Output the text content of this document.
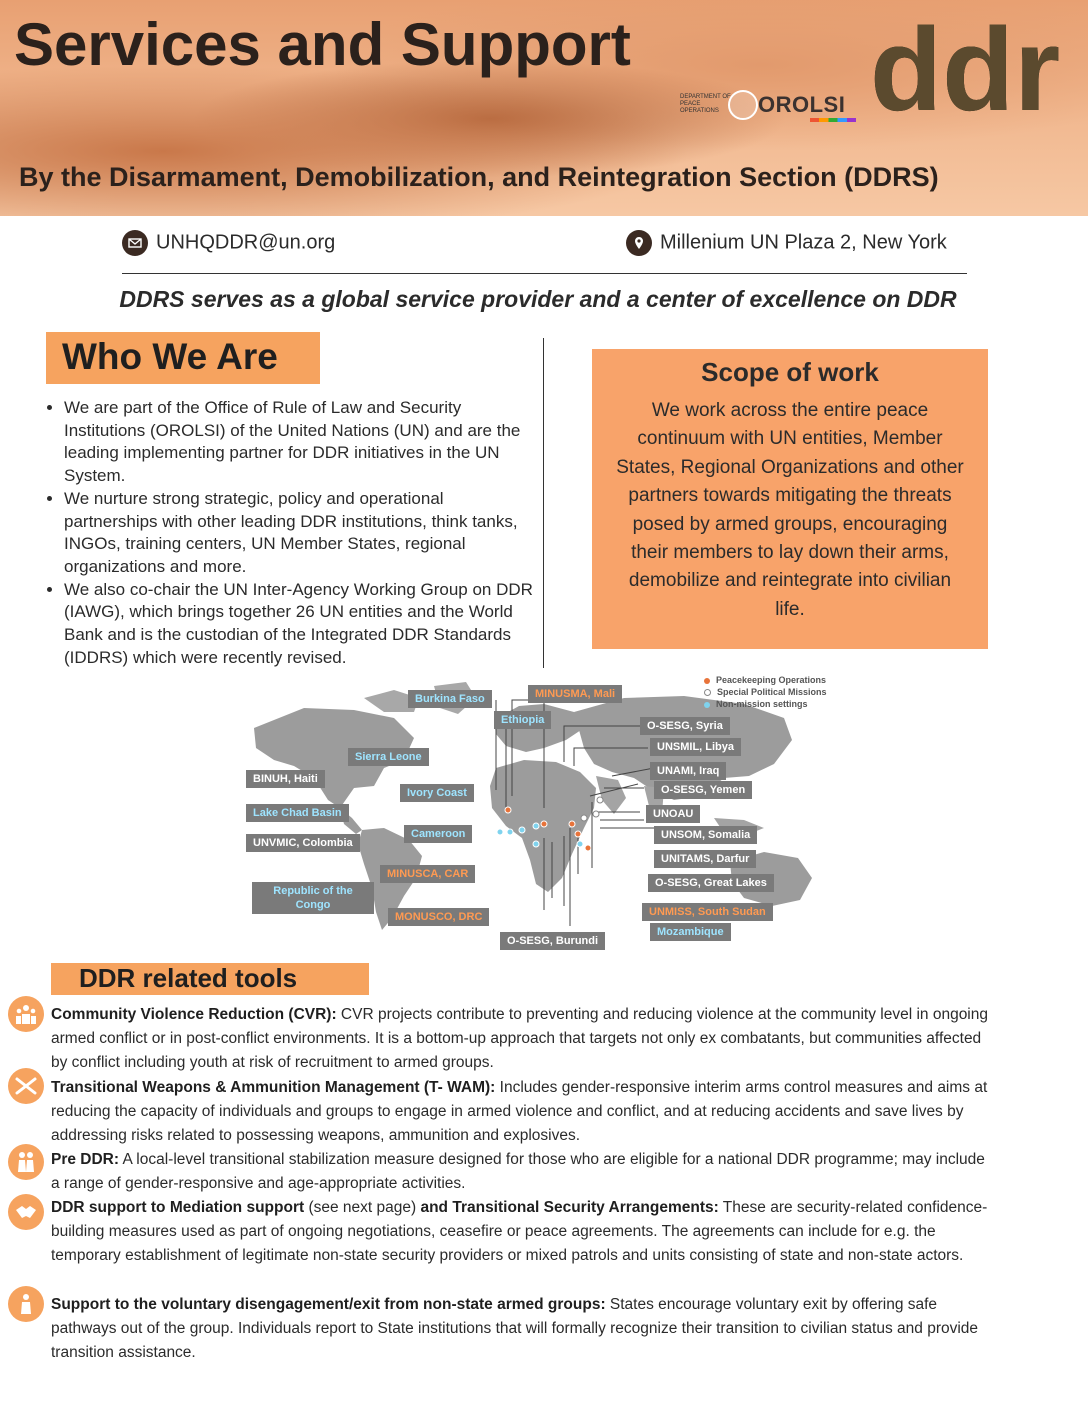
Services and Support
DEPARTMENT OF PEACE OPERATIONS	OROLSI ddr
By the Disarmament, Demobilization, and Reintegration Section (DDRS)
UNHQDDR@un.org	Millenium UN Plaza 2, New York

DDRS serves as a global service provider and a center of excellence on DDR

Who We Are
• We are part of the Office of Rule of Law and Security Institutions (OROLSI) of the United Nations (UN) and are the leading implementing partner for DDR initiatives in the UN System.
• We nurture strong strategic, policy and operational partnerships with other leading DDR institutions, think tanks, INGOs, training centers, UN Member States, regional organizations and more.
• We also co-chair the UN Inter-Agency Working Group on DDR (IAWG), which brings together 26 UN entities and the World Bank and is the custodian of the Integrated DDR Standards (IDDRS) which were recently revised.
Scope of work

We work across the entire peace continuum with UN entities, Member States, Regional Organizations and other partners towards mitigating the threats posed by armed groups, encouraging their members to lay down their arms, demobilize and reintegrate into civilian life.

Peacekeeping Operations
Special Political Missions
Non-mission settings
Burkina Faso	MINUSMA, Mali
Ethiopia
Sierra Leone
BINUH, Haiti
Ivory Coast
Lake Chad Basin
Cameroon
UNVMIC, Colombia
MINUSCA, CAR
Republic of the Congo
MONUSCO, DRC
O-SESG, Burundi
O-SESG, Syria
UNSMIL, Libya
UNAMI, Iraq
O-SESG, Yemen
UNOAU
UNSOM, Somalia
UNITAMS, Darfur
O-SESG, Great Lakes
UNMISS, South Sudan
Mozambique
DDR related tools
Community Violence Reduction (CVR): CVR projects contribute to preventing and reducing violence at the community level in ongoing armed conflict or in post-conflict environments. It is a bottom-up approach that targets not only ex combatants, but communities affected by conflict including youth at risk of recruitment to armed groups.
Transitional Weapons & Ammunition Management (T- WAM): Includes gender-responsive interim arms control measures and aims at reducing the capacity of individuals and groups to engage in armed violence and conflict, and at reducing accidents and save lives by addressing risks related to possessing weapons, ammunition and explosives.
Pre DDR: A local-level transitional stabilization measure designed for those who are eligible for a national DDR programme; may include a range of gender-responsive and age-appropriate activities.
DDR support to Mediation support (see next page) and Transitional Security Arrangements: These are security-related confidence-building measures used as part of ongoing negotiations, ceasefire or peace agreements. The agreements can include for e.g. the temporary establishment of legitimate non-state security providers or mixed patrols and units consisting of state and non-state actors.
Support to the voluntary disengagement/exit from non-state armed groups: States encourage voluntary exit by offering safe pathways out of the group. Individuals report to State institutions that will formally recognize their transition to civilian status and provide transition assistance.
